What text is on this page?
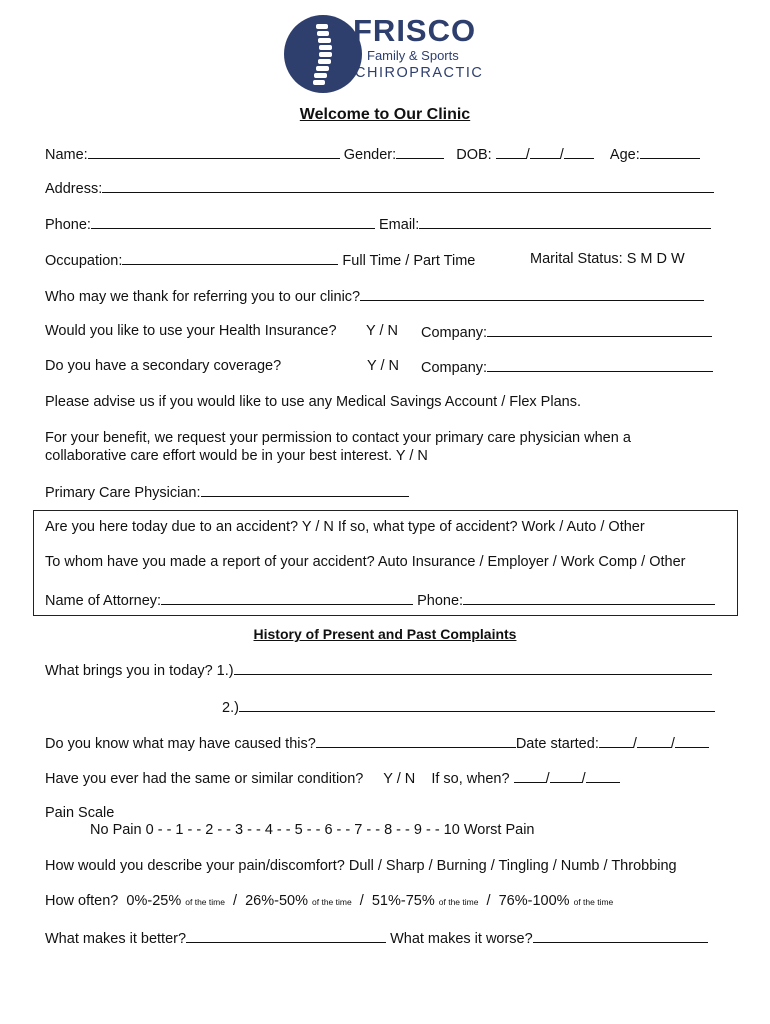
FRISCO
Family & Sports
CHIROPRACTIC
Welcome to Our Clinic
Name:	Gender:	DOB: / /	Age:
Address:
Phone:	Email:
Occupation:	Full Time / Part Time	Marital Status: S M D W
Who may we thank for referring you to our clinic?
Would you like to use your Health Insurance? Y / N Company:
Do you have a secondary coverage?	Y / N Company:
Please advise us if you would like to use any Medical Savings Account / Flex Plans.
For your benefit, we request your permission to contact your primary care physician when a
collaborative care effort would be in your best interest. Y / N
Primary Care Physician:
Are you here today due to an accident? Y / N If so, what type of accident? Work / Auto / Other
To whom have you made a report of your accident? Auto Insurance / Employer / Work Comp / Other
Name of Attorney:	Phone:
History of Present and Past Complaints
What brings you in today? 1.)
2.)
Do you know what may have caused this?	Date started: / /
Have you ever had the same or similar condition? Y / N If so, when? / /
Pain Scale
No Pain 0 - - 1 - - 2 - - 3 - - 4 - - 5 - - 6 - - 7 - - 8 - - 9 - - 10 Worst Pain
How would you describe your pain/discomfort? Dull / Sharp / Burning / Tingling / Numb / Throbbing
How often? 0%-25% of the time / 26%-50% of the time / 51%-75% of the time / 76%-100% of the time
What makes it better?	What makes it worse?
